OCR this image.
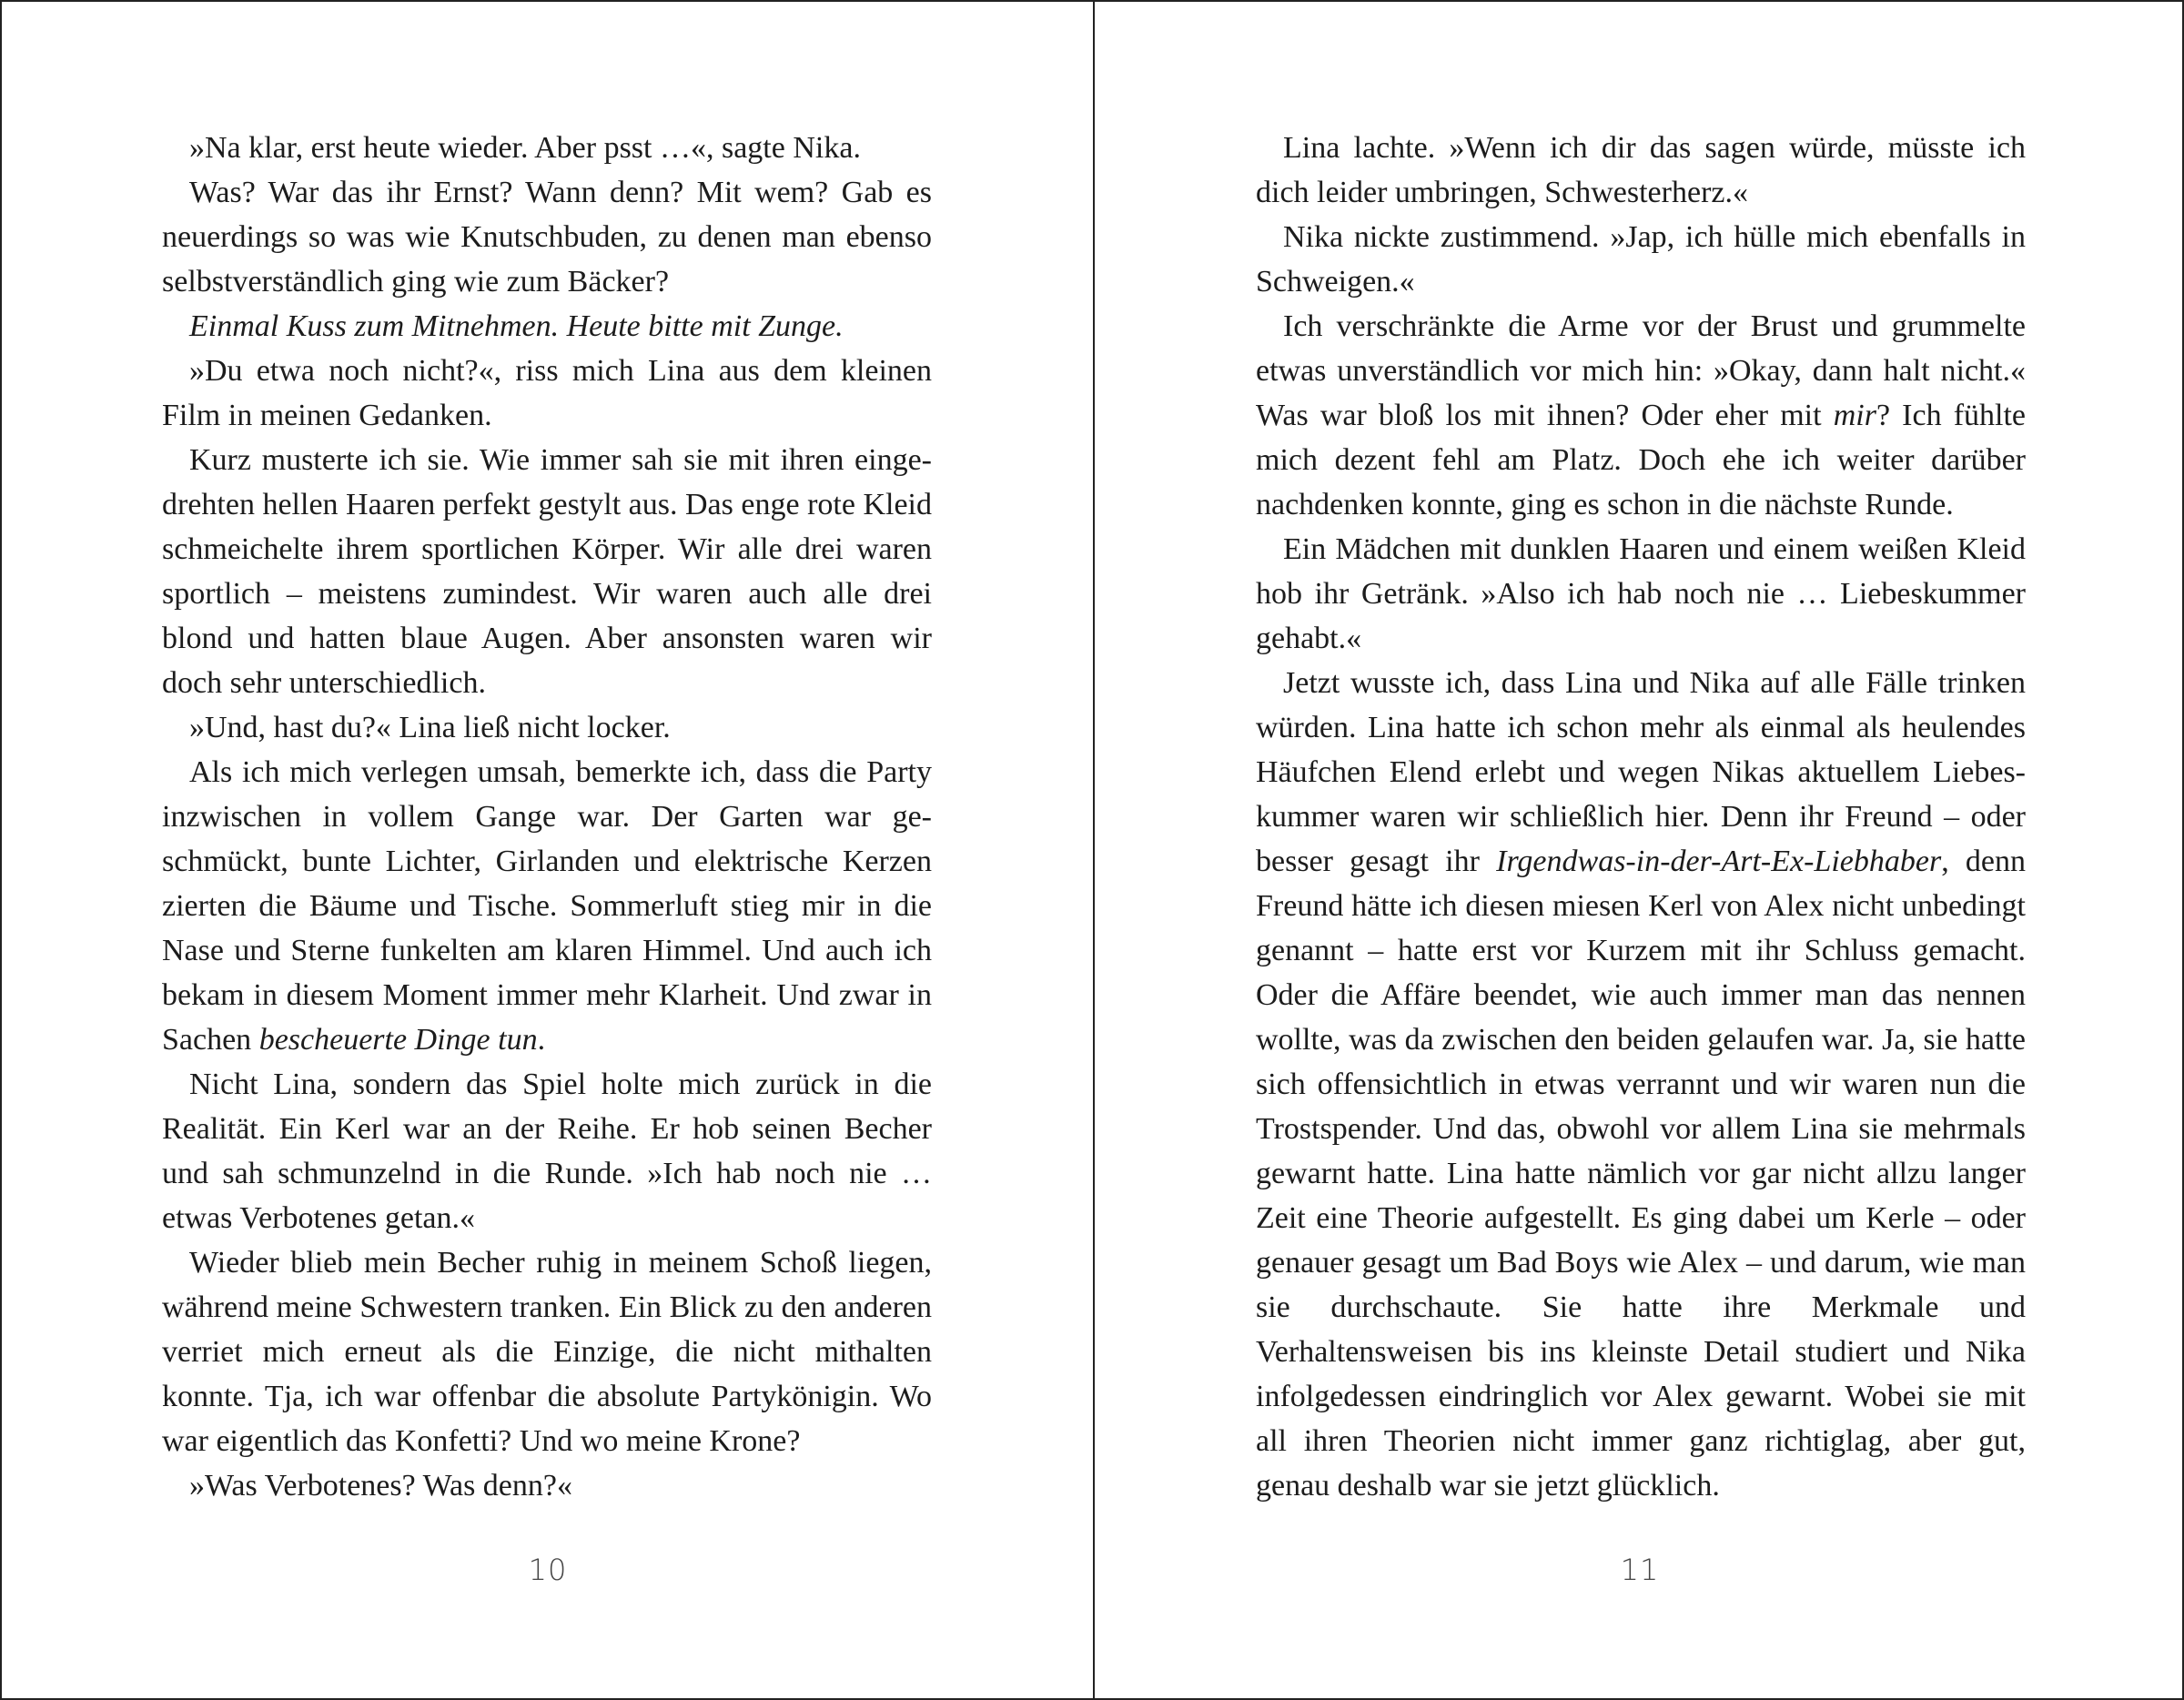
»Na klar, erst heute wieder. Aber psst …«, sagte Nika.

Was? War das ihr Ernst? Wann denn? Mit wem? Gab es neuerdings so was wie Knutschbuden, zu denen man ebenso selbstverständlich ging wie zum Bäcker?

Einmal Kuss zum Mitnehmen. Heute bitte mit Zunge.

»Du etwa noch nicht?«, riss mich Lina aus dem kleinen Film in meinen Gedanken.

Kurz musterte ich sie. Wie immer sah sie mit ihren eingedrehten hellen Haaren perfekt gestylt aus. Das enge rote Kleid schmeichelte ihrem sportlichen Körper. Wir alle drei waren sportlich – meistens zumindest. Wir waren auch alle drei blond und hatten blaue Augen. Aber ansonsten waren wir doch sehr unterschiedlich.

»Und, hast du?« Lina ließ nicht locker.

Als ich mich verlegen umsah, bemerkte ich, dass die Party inzwischen in vollem Gange war. Der Garten war geschmückt, bunte Lichter, Girlanden und elektrische Kerzen zierten die Bäume und Tische. Sommerluft stieg mir in die Nase und Sterne funkelten am klaren Himmel. Und auch ich bekam in diesem Moment immer mehr Klarheit. Und zwar in Sachen bescheuerte Dinge tun.

Nicht Lina, sondern das Spiel holte mich zurück in die Realität. Ein Kerl war an der Reihe. Er hob seinen Becher und sah schmunzelnd in die Runde. »Ich hab noch nie … etwas Verbotenes getan.«

Wieder blieb mein Becher ruhig in meinem Schoß liegen, während meine Schwestern tranken. Ein Blick zu den anderen verriet mich erneut als die Einzige, die nicht mithalten konnte. Tja, ich war offenbar die absolute Partykönigin. Wo war eigentlich das Konfetti? Und wo meine Krone?

»Was Verbotenes? Was denn?«

10

Lina lachte. »Wenn ich dir das sagen würde, müsste ich dich leider umbringen, Schwesterherz.«

Nika nickte zustimmend. »Jap, ich hülle mich ebenfalls in Schweigen.«

Ich verschränkte die Arme vor der Brust und grummelte etwas unverständlich vor mich hin: »Okay, dann halt nicht.« Was war bloß los mit ihnen? Oder eher mit mir? Ich fühlte mich dezent fehl am Platz. Doch ehe ich weiter darüber nachdenken konnte, ging es schon in die nächste Runde.

Ein Mädchen mit dunklen Haaren und einem weißen Kleid hob ihr Getränk. »Also ich hab noch nie … Liebeskummer gehabt.«

Jetzt wusste ich, dass Lina und Nika auf alle Fälle trinken würden. Lina hatte ich schon mehr als einmal als heulendes Häufchen Elend erlebt und wegen Nikas aktuellem Liebeskummer waren wir schließlich hier. Denn ihr Freund – oder besser gesagt ihr Irgendwas-in-der-Art-Ex-Liebhaber, denn Freund hätte ich diesen miesen Kerl von Alex nicht unbedingt genannt – hatte erst vor Kurzem mit ihr Schluss gemacht. Oder die Affäre beendet, wie auch immer man das nennen wollte, was da zwischen den beiden gelaufen war. Ja, sie hatte sich offensichtlich in etwas verrannt und wir waren nun die Trostspender. Und das, obwohl vor allem Lina sie mehrmals gewarnt hatte. Lina hatte nämlich vor gar nicht allzu langer Zeit eine Theorie aufgestellt. Es ging dabei um Kerle – oder genauer gesagt um Bad Boys wie Alex – und darum, wie man sie durchschaute. Sie hatte ihre Merkmale und Verhaltensweisen bis ins kleinste Detail studiert und Nika infolgedessen eindringlich vor Alex gewarnt. Wobei sie mit all ihren Theorien nicht immer ganz richtiglag, aber gut, genau deshalb war sie jetzt glücklich.

11
